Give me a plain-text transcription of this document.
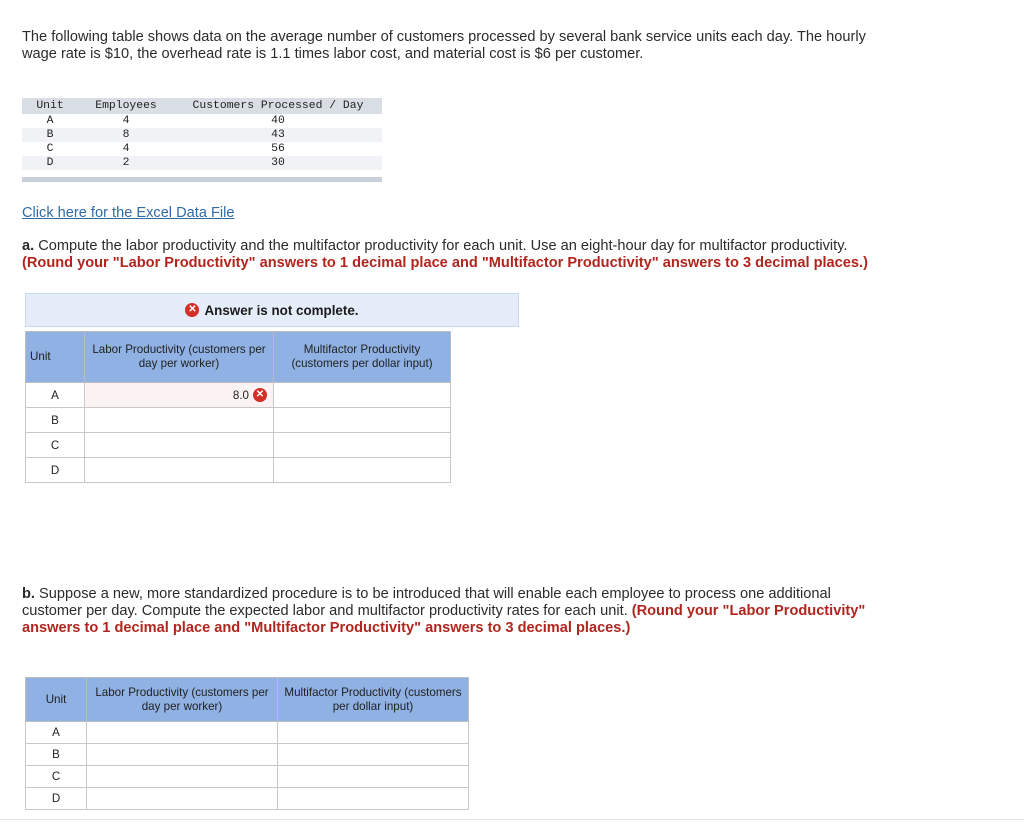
The following table shows data on the average number of customers processed by several bank service units each day. The hourly wage rate is $10, the overhead rate is 1.1 times labor cost, and material cost is $6 per customer.

Unit	Employees	Customers Processed / Day
A	4	40
B	8	43
C	4	56
D	2	30
Click here for the Excel Data File

a. Compute the labor productivity and the multifactor productivity for each unit. Use an eight-hour day for multifactor productivity.
(Round your "Labor Productivity" answers to 1 decimal place and "Multifactor Productivity" answers to 3 decimal places.)

✕ Answer is not complete.
Unit	Labor Productivity (customers per day per worker)	Multifactor Productivity (customers per dollar input)
A	8.0 ✕	

B		
C		
D		

b. Suppose a new, more standardized procedure is to be introduced that will enable each employee to process one additional customer per day. Compute the expected labor and multifactor productivity rates for each unit. (Round your "Labor Productivity" answers to 1 decimal place and "Multifactor Productivity" answers to 3 decimal places.)

Unit	Labor Productivity (customers per day per worker)	Multifactor Productivity (customers per dollar input)
A		
B		
C		
D		
